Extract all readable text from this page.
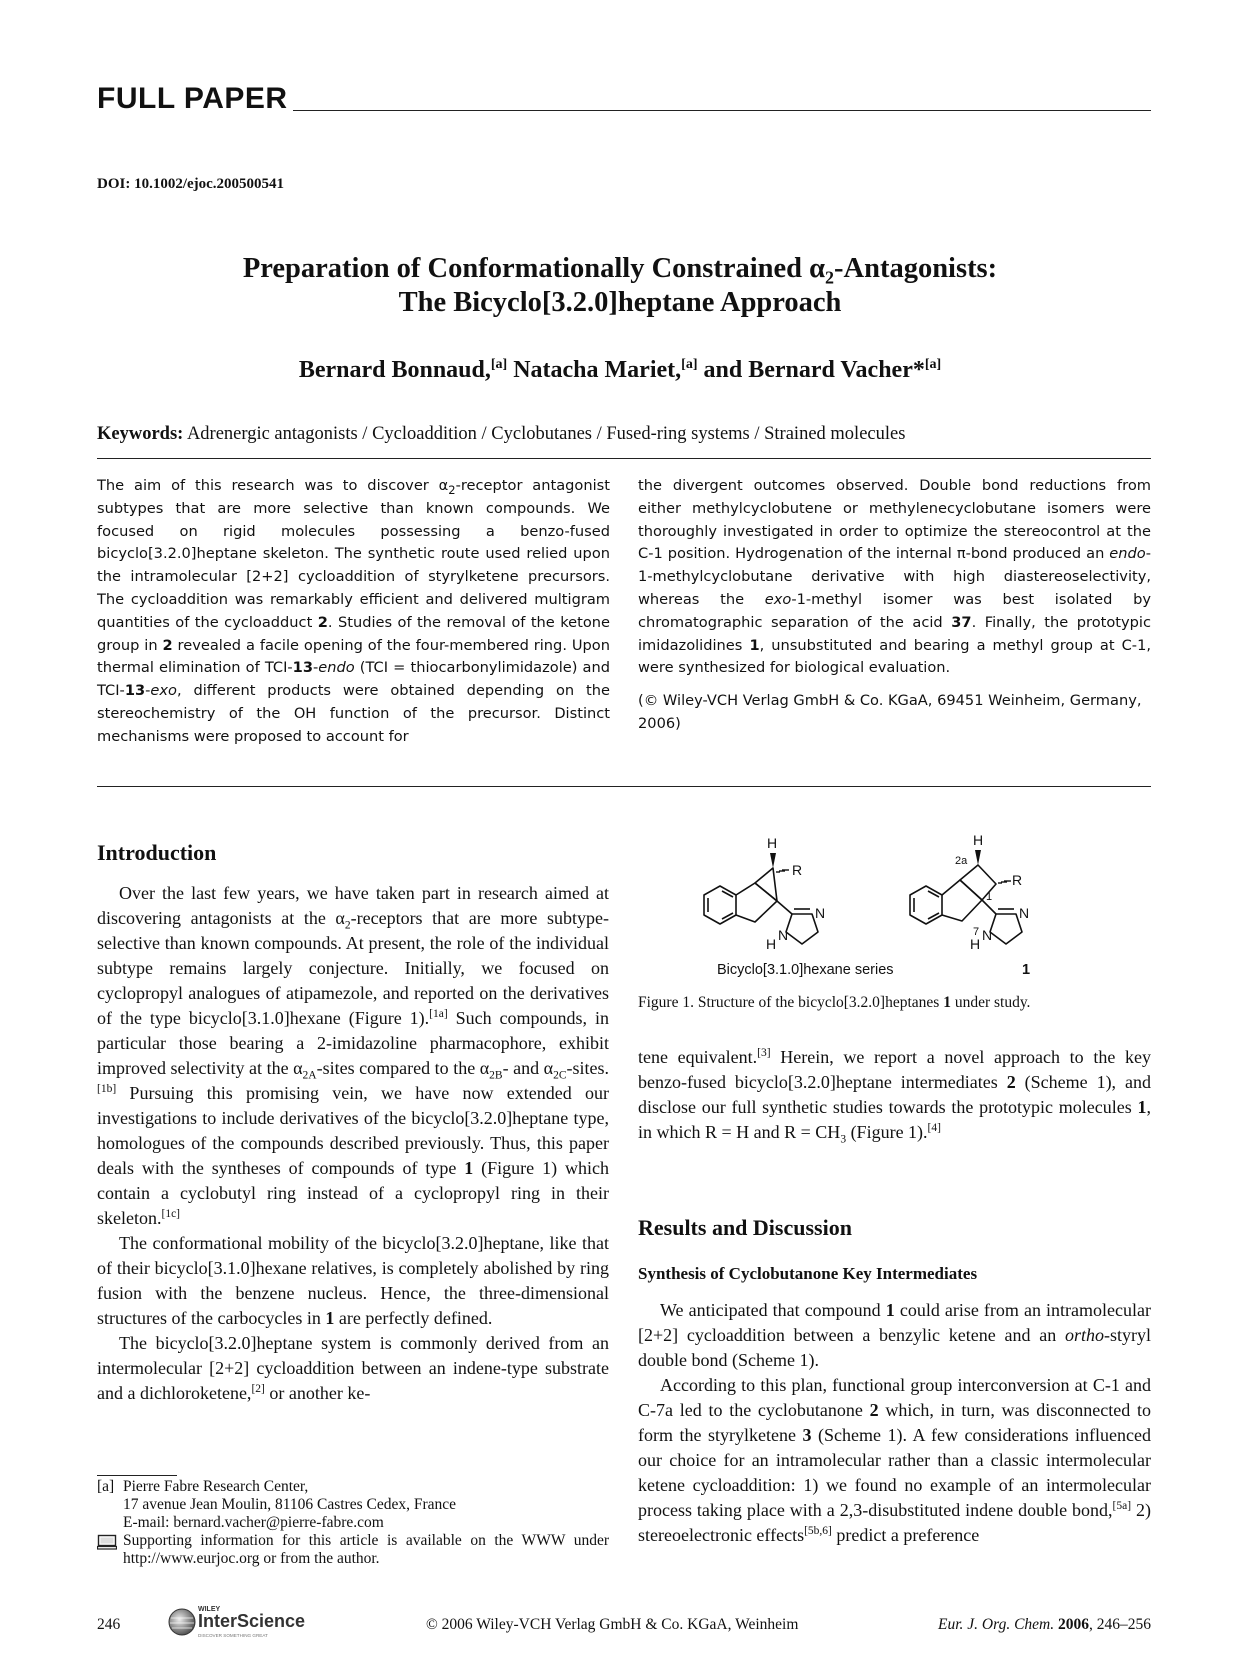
FULL PAPER
DOI: 10.1002/ejoc.200500541
Preparation of Conformationally Constrained $\alpha_2$-Antagonists:
The Bicyclo[3.2.0]heptane Approach
Bernard Bonnaud,[a] Natacha Mariet,[a] and Bernard Vacher*[a]
Keywords: Adrenergic antagonists / Cycloaddition / Cyclobutanes / Fused-ring systems / Strained molecules
The aim of this research was to discover $\alpha_2$-receptor antagonist subtypes that are more selective than known compounds. We focused on rigid molecules possessing a benzo-fused bicyclo[3.2.0]heptane skeleton. The synthetic route used relied upon the intramolecular [2+2] cycloaddition of styrylketene precursors. The cycloaddition was remarkably efficient and delivered multigram quantities of the cycloadduct 2. Studies of the removal of the ketone group in 2 revealed a facile opening of the four-membered ring. Upon thermal elimination of TCI-13-endo (TCI = thiocarbonylimidazole) and TCI-13-exo, different products were obtained depending on the stereochemistry of the OH function of the precursor. Distinct mechanisms were proposed to account for
the divergent outcomes observed. Double bond reductions from either methylcyclobutene or methylenecyclobutane isomers were thoroughly investigated in order to optimize the stereocontrol at the C-1 position. Hydrogenation of the internal π-bond produced an endo-1-methylcyclobutane derivative with high diastereoselectivity, whereas the exo-1-methyl isomer was best isolated by chromatographic separation of the acid 37. Finally, the prototypic imidazolidines 1, unsubstituted and bearing a methyl group at C-1, were synthesized for biological evaluation.
(© Wiley-VCH Verlag GmbH & Co. KGaA, 69451 Weinheim, Germany, 2006)
Introduction

Over the last few years, we have taken part in research aimed at discovering antagonists at the $\alpha_2$-receptors that are more subtype-selective than known compounds. At present, the role of the individual subtype remains largely conjecture. Initially, we focused on cyclopropyl analogues of atipamezole, and reported on the derivatives of the type bicyclo[3.1.0]hexane (Figure 1).[1a] Such compounds, in particular those bearing a 2-imidazoline pharmacophore, exhibit improved selectivity at the $\alpha_{2A}$-sites compared to the $\alpha_{2B}-$ and $\alpha_{2C}-sites.[1b]$ Pursuing this promising vein, we have now extended our investigations to include derivatives of the bicyclo[3.2.0]heptane type, homologues of the compounds described previously. Thus, this paper deals with the syntheses of compounds of type 1 (Figure 1) which contain a cyclobutyl ring instead of a cyclopropyl ring in their skeleton.[1c]

The conformational mobility of the bicyclo[3.2.0]heptane, like that of their bicyclo[3.1.0]hexane relatives, is completely abolished by ring fusion with the benzene nucleus. Hence, the three-dimensional structures of the carbocycles in 1 are perfectly defined.

The bicyclo[3.2.0]heptane system is commonly derived from an intermolecular [2+2] cycloaddition between an indene-type substrate and a dichloroketene,[2] or another ke-

[a] Pierre Fabre Research Center,
17 avenue Jean Moulin, 81106 Castres Cedex, France
E-mail: bernard.vacher@pierre-fabre.com
Supporting information for this article is available on the WWW under http://www.eurjoc.org or from the author.
H
R
N
N
H
H
R
N
N
H
2a
1
7
Bicyclo[3.1.0]hexane series	1
Figure 1. Structure of the bicyclo[3.2.0]heptanes 1 under study.

tene equivalent.[3] Herein, we report a novel approach to the key benzo-fused bicyclo[3.2.0]heptane intermediates 2 (Scheme 1), and disclose our full synthetic studies towards the prototypic molecules 1, in which R = H and $R = CH_3$ (Figure 1).[4]

Results and Discussion
Synthesis of Cyclobutanone Key Intermediates

We anticipated that compound 1 could arise from an intramolecular [2+2] cycloaddition between a benzylic ketene and an ortho-styryl double bond (Scheme 1).

According to this plan, functional group interconversion at C-1 and C-7a led to the cyclobutanone 2 which, in turn, was disconnected to form the styrylketene 3 (Scheme 1). A few considerations influenced our choice for an intramolecular rather than a classic intermolecular ketene cycloaddition: 1) we found no example of an intermolecular process taking place with a 2,3-disubstituted indene double bond,[5a] 2) stereoelectronic effects[5b,6] predict a preference

246
WILEY
InterScience
DISCOVER SOMETHING GREAT
© 2006 Wiley-VCH Verlag GmbH & Co. KGaA, Weinheim	Eur. J. Org. Chem. 2006, 246–256
